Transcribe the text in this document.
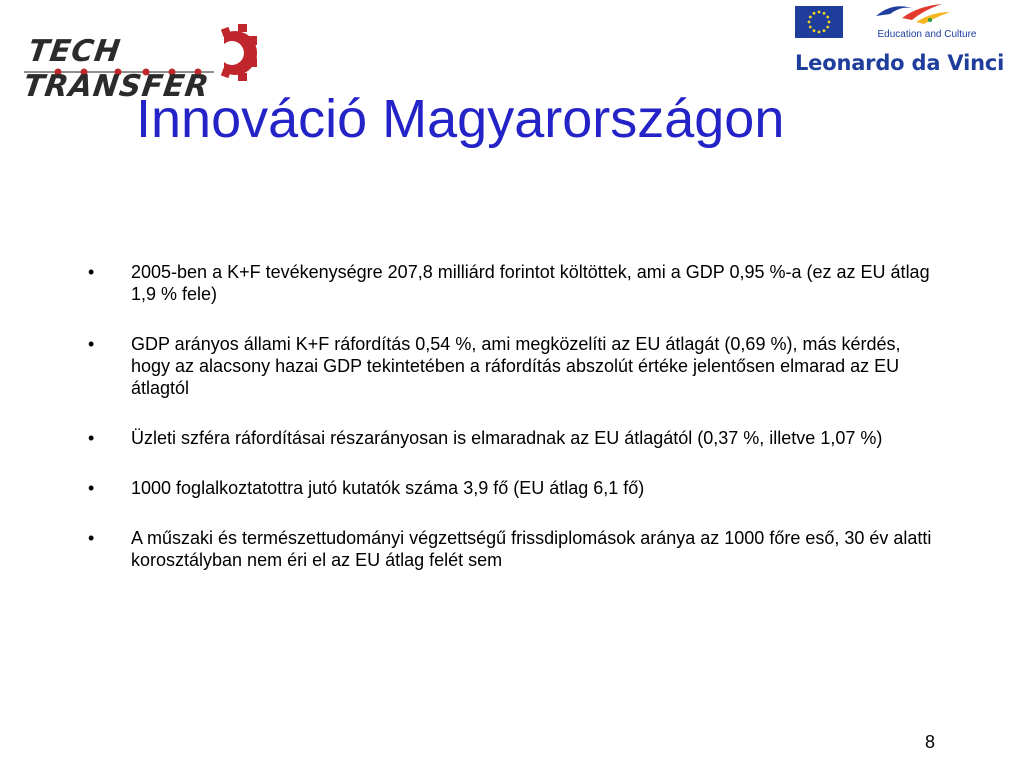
TECH TRANSFER
Education and Culture
Leonardo da Vinci
Innováció Magyarországon
• 2005-ben a K+F tevékenységre 207,8 milliárd forintot költöttek, ami a GDP 0,95 %-a (ez az EU átlag 1,9 % fele)
• GDP arányos állami K+F ráfordítás 0,54 %, ami megközelíti az EU átlagát (0,69 %), más kérdés, hogy az alacsony hazai GDP tekintetében a ráfordítás abszolút értéke jelentősen elmarad az EU átlagtól
• Üzleti szféra ráfordításai részarányosan is elmaradnak az EU átlagától (0,37 %, illetve 1,07 %)
• 1000 foglalkoztatottra jutó kutatók száma 3,9 fő (EU átlag 6,1 fő)
• A műszaki és természettudományi végzettségű frissdiplomások aránya az 1000 főre eső, 30 év alatti korosztályban nem éri el az EU átlag felét sem
8
